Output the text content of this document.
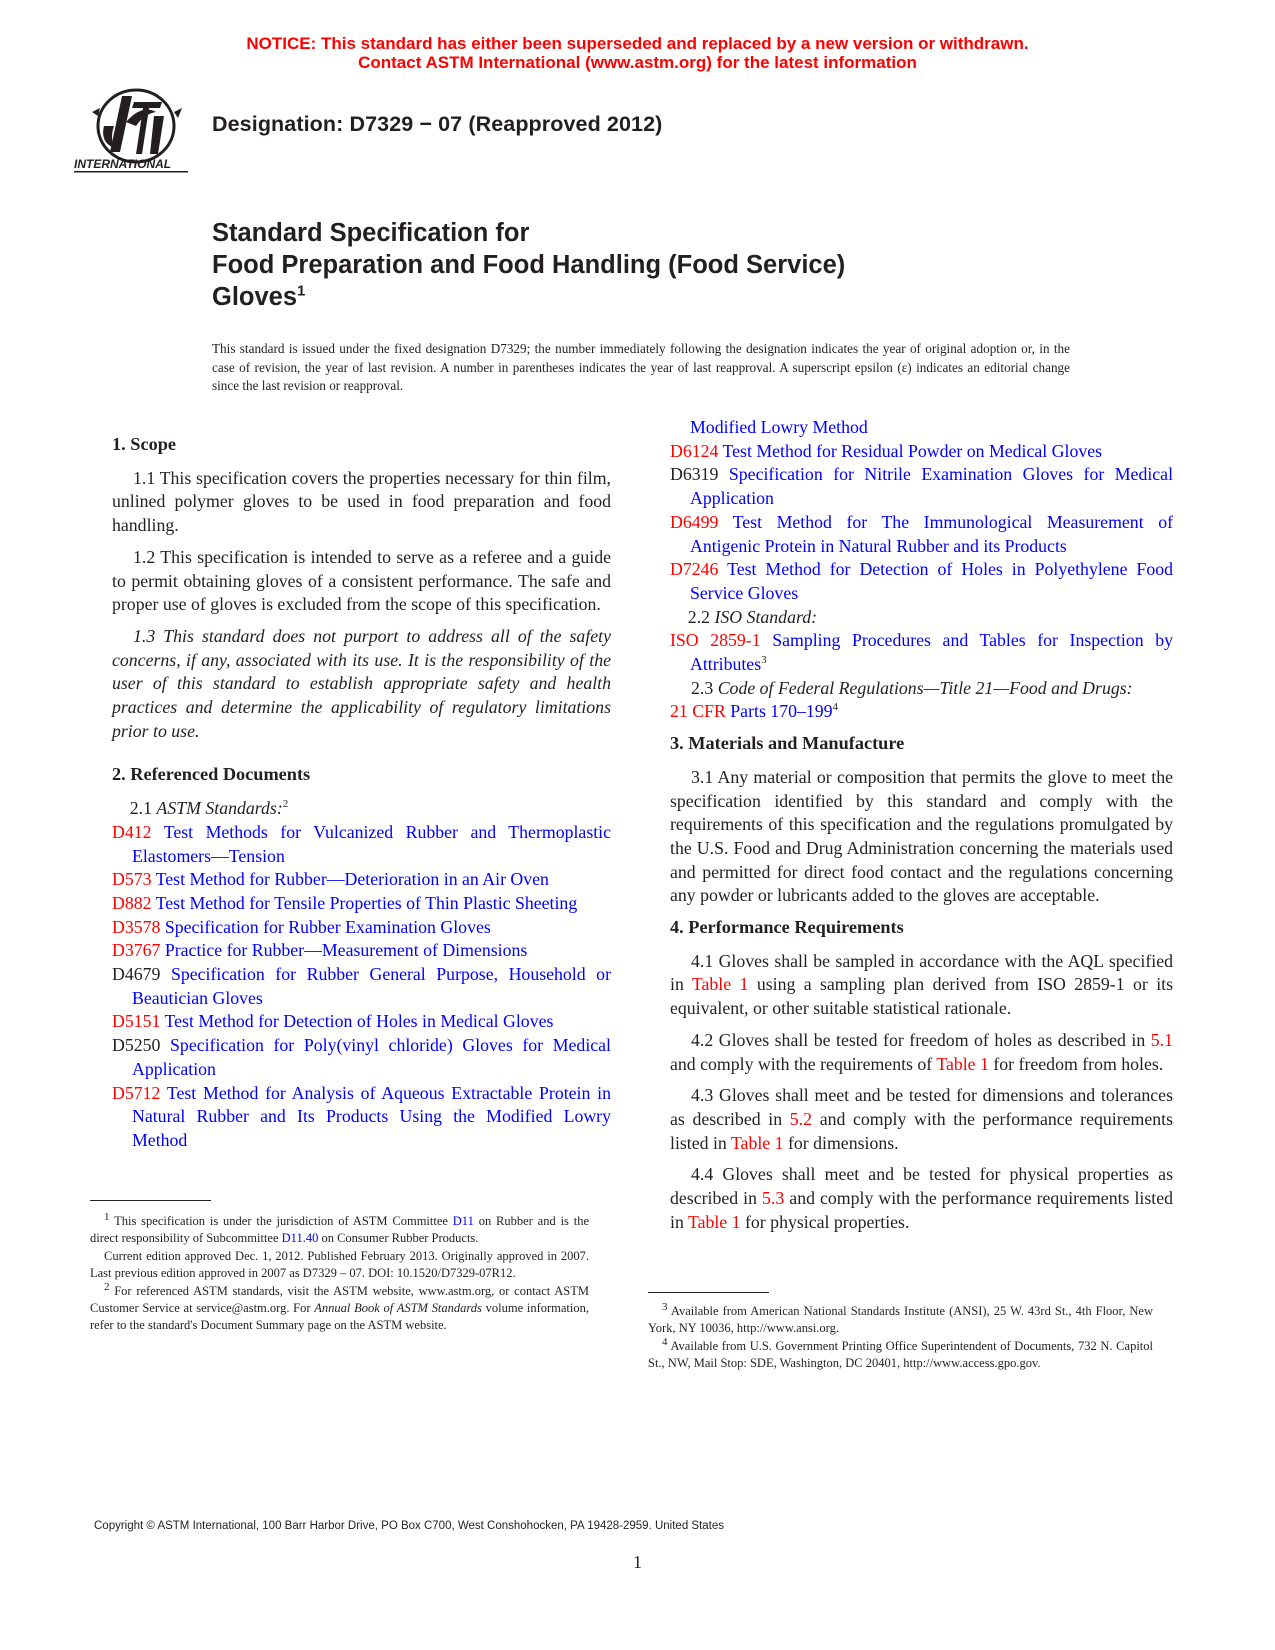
NOTICE: This standard has either been superseded and replaced by a new version or withdrawn.
Contact ASTM International (www.astm.org) for the latest information
INTERNATIONAL
Designation: D7329 − 07 (Reapproved 2012)
Standard Specification for
Food Preparation and Food Handling (Food Service)
Gloves$^1$
This standard is issued under the fixed designation D7329; the number immediately following the designation indicates the year of original adoption or, in the case of revision, the year of last revision. A number in parentheses indicates the year of last reapproval. A superscript epsilon (ε) indicates an editorial change since the last revision or reapproval.
1. Scope

1.1 This specification covers the properties necessary for thin film, unlined polymer gloves to be used in food preparation and food handling.

1.2 This specification is intended to serve as a referee and a guide to permit obtaining gloves of a consistent performance. The safe and proper use of gloves is excluded from the scope of this specification.

1.3 This standard does not purport to address all of the safety concerns, if any, associated with its use. It is the responsibility of the user of this standard to establish appropriate safety and health practices and determine the applicability of regulatory limitations prior to use.

2. Referenced Documents

2.1 ASTM Standards:$^2$

D412 Test Methods for Vulcanized Rubber and Thermoplastic Elastomers—Tension
D573 Test Method for Rubber—Deterioration in an Air Oven
D882 Test Method for Tensile Properties of Thin Plastic Sheeting
D3578 Specification for Rubber Examination Gloves
D3767 Practice for Rubber—Measurement of Dimensions
D4679 Specification for Rubber General Purpose, Household or Beautician Gloves
D5151 Test Method for Detection of Holes in Medical Gloves
D5250 Specification for Poly(vinyl chloride) Gloves for Medical Application
D5712 Test Method for Analysis of Aqueous Extractable Protein in Natural Rubber and Its Products Using the Modified Lowry Method

$^1$ This specification is under the jurisdiction of ASTM Committee D11 on Rubber and is the direct responsibility of Subcommittee D11.40 on Consumer Rubber Products.

Current edition approved Dec. 1, 2012. Published February 2013. Originally approved in 2007. Last previous edition approved in 2007 as D7329 – 07. DOI: 10.1520/D7329-07R12.

$^2$ For referenced ASTM standards, visit the ASTM website, www.astm.org, or contact ASTM Customer Service at service@astm.org. For Annual Book of ASTM Standards volume information, refer to the standard's Document Summary page on the ASTM website.

Modified Lowry Method
D6124 Test Method for Residual Powder on Medical Gloves
D6319 Specification for Nitrile Examination Gloves for Medical Application
D6499 Test Method for The Immunological Measurement of Antigenic Protein in Natural Rubber and its Products
D7246 Test Method for Detection of Holes in Polyethylene Food Service Gloves

2.2 ISO Standard:

ISO 2859-1 Sampling Procedures and Tables for Inspection by Attributes$^3$

2.3 Code of Federal Regulations—Title 21—Food and Drugs:

21 CFR Parts $170-199^4$
3. Materials and Manufacture

3.1 Any material or composition that permits the glove to meet the specification identified by this standard and comply with the requirements of this specification and the regulations promulgated by the U.S. Food and Drug Administration concerning the materials used and permitted for direct food contact and the regulations concerning any powder or lubricants added to the gloves are acceptable.

4. Performance Requirements

4.1 Gloves shall be sampled in accordance with the AQL specified in Table 1 using a sampling plan derived from ISO 2859-1 or its equivalent, or other suitable statistical rationale.

4.2 Gloves shall be tested for freedom of holes as described in 5.1 and comply with the requirements of Table 1 for freedom from holes.

4.3 Gloves shall meet and be tested for dimensions and tolerances as described in 5.2 and comply with the performance requirements listed in Table 1 for dimensions.

4.4 Gloves shall meet and be tested for physical properties as described in 5.3 and comply with the performance requirements listed in Table 1 for physical properties.

$^3$ Available from American National Standards Institute (ANSI), 25 W. 43rd St., 4th Floor, New York, NY 10036, http://www.ansi.org.

$^4$ Available from U.S. Government Printing Office Superintendent of Documents, 732 N. Capitol St., NW, Mail Stop: SDE, Washington, DC 20401, http://www.access.gpo.gov.

Copyright © ASTM International, 100 Barr Harbor Drive, PO Box C700, West Conshohocken, PA 19428-2959. United States
1
